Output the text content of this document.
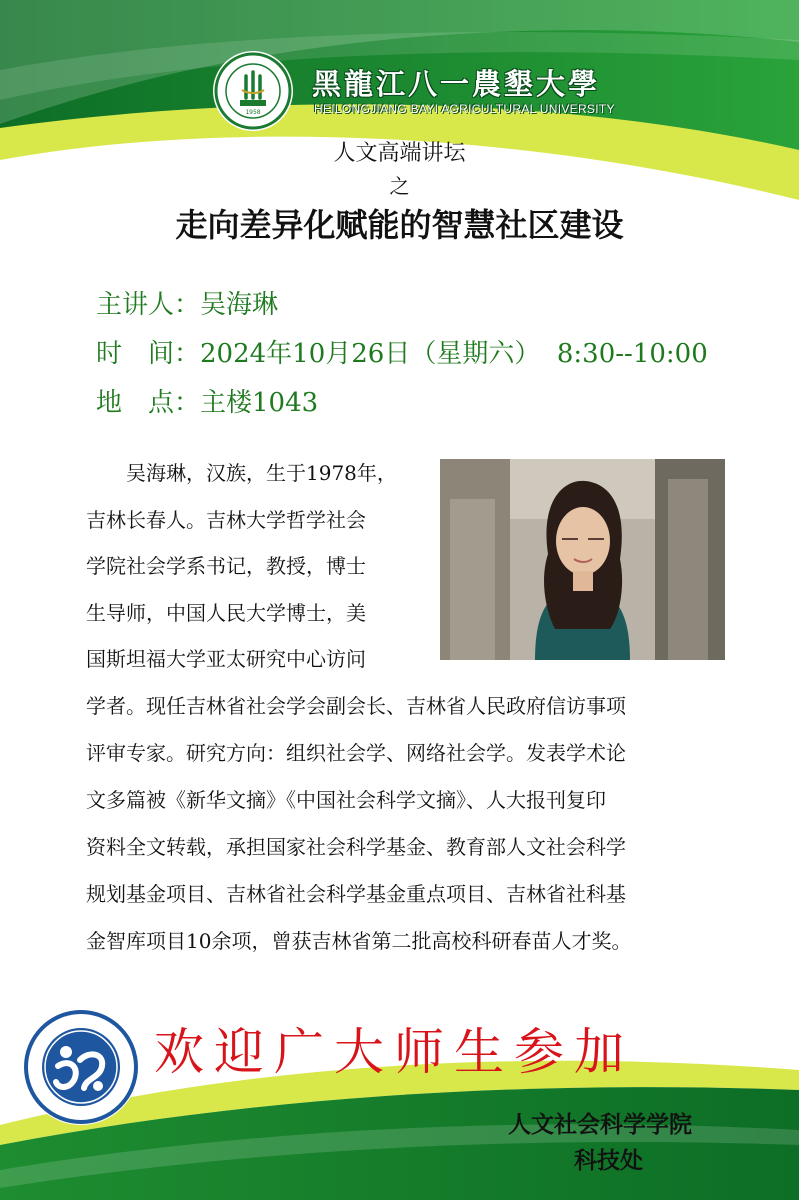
1958
黑龍江八一農墾大學
HEILONGJIANG BAYI AGRICULTURAL UNIVERSITY
人文高端讲坛
之
走向差异化赋能的智慧社区建设
主讲人：吴海琳
时　间：2024年10月26日（星期六）  8:30--10:00
地　点：主楼1043

　　吴海琳，汉族，生于1978年，

吉林长春人。吉林大学哲学社会

学院社会学系书记，教授，博士

生导师，中国人民大学博士，美

国斯坦福大学亚太研究中心访问

学者。现任吉林省社会学会副会长、吉林省人民政府信访事项

评审专家。研究方向：组织社会学、网络社会学。发表学术论

文多篇被《新华文摘》《中国社会科学文摘》、人大报刊复印

资料全文转载，承担国家社会科学基金、教育部人文社会科学

规划基金项目、吉林省社会科学基金重点项目、吉林省社科基

金智库项目10余项，曾获吉林省第二批高校科研春苗人才奖。

欢迎广大师生参加
人文社会科学学院
科技处
